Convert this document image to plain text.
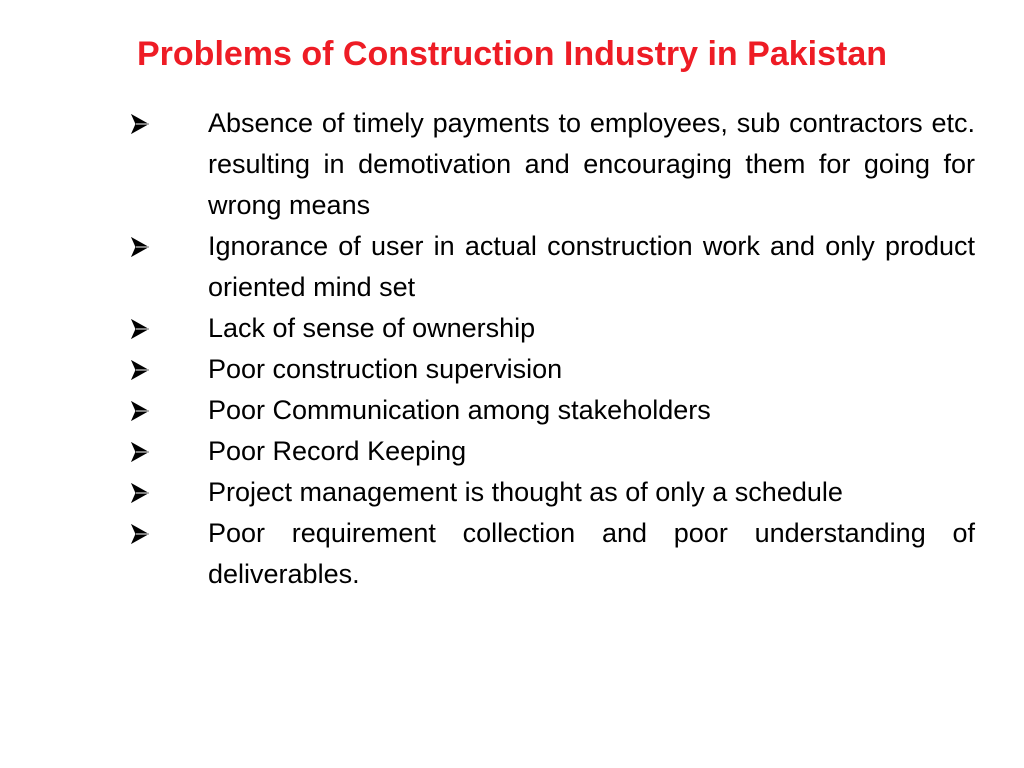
Problems of Construction Industry in Pakistan
Absence of timely payments to employees, sub contractors etc. resulting in demotivation and encouraging them for going for wrong means
Ignorance of user in actual construction work and only product oriented mind set
Lack of sense of ownership
Poor construction supervision
Poor Communication among stakeholders
Poor Record Keeping
Project management is thought as of only a schedule
Poor requirement collection and poor understanding of deliverables.
